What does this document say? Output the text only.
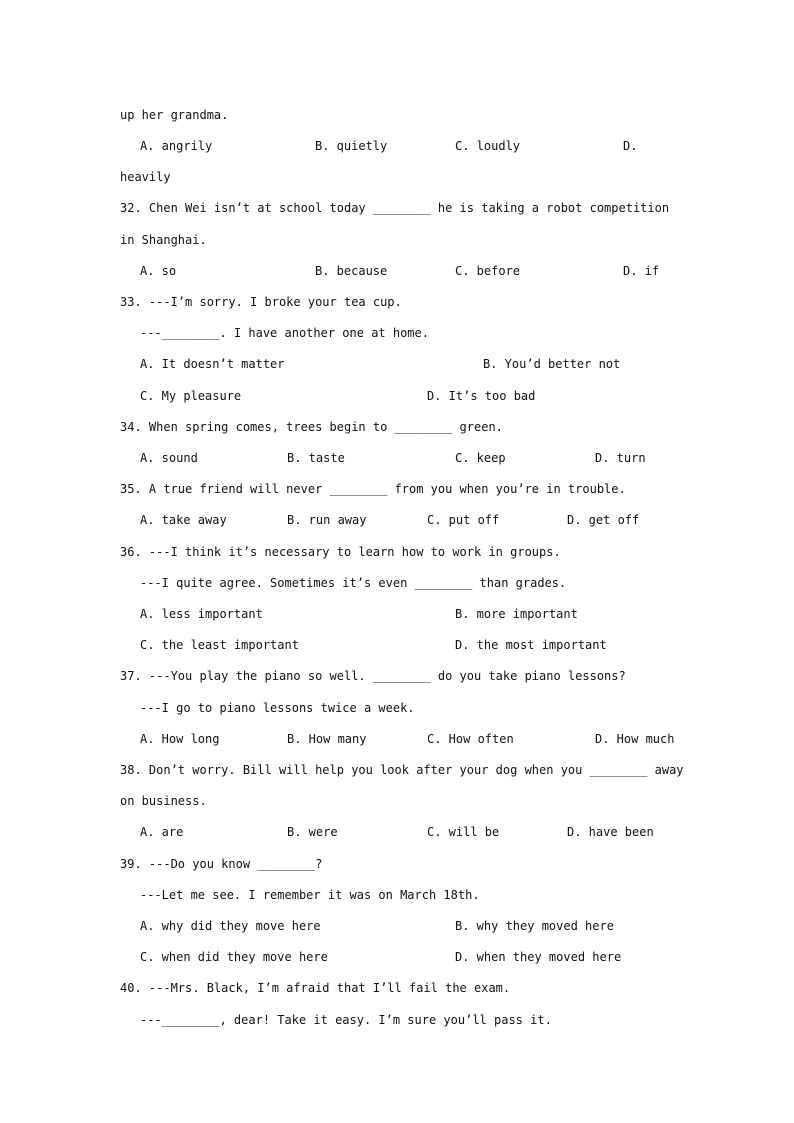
up her grandma.
A. angrily	B. quietly	C. loudly	D.
heavily
32. Chen Wei isn’t at school today ________ he is taking a robot competition
in Shanghai.
A. so	B. because	C. before	D. if
33. ---I’m sorry. I broke your tea cup.
---________. I have another one at home.
A. It doesn’t matter	B. You’d better not
C. My pleasure	D. It’s too bad
34. When spring comes, trees begin to ________ green.
A. sound	B. taste	C. keep	D. turn
35. A true friend will never ________ from you when you’re in trouble.
A. take away	B. run away	C. put off	D. get off
36. ---I think it’s necessary to learn how to work in groups.
---I quite agree. Sometimes it’s even ________ than grades.
A. less important	B. more important
C. the least important	D. the most important
37. ---You play the piano so well. ________ do you take piano lessons?
---I go to piano lessons twice a week.
A. How long	B. How many	C. How often	D. How much
38. Don’t worry. Bill will help you look after your dog when you ________ away
on business.
A. are	B. were	C. will be	D. have been
39. ---Do you know ________?
---Let me see. I remember it was on March 18th.
A. why did they move here	B. why they moved here
C. when did they move here	D. when they moved here
40. ---Mrs. Black, I’m afraid that I’ll fail the exam.
---________, dear! Take it easy. I’m sure you’ll pass it.
